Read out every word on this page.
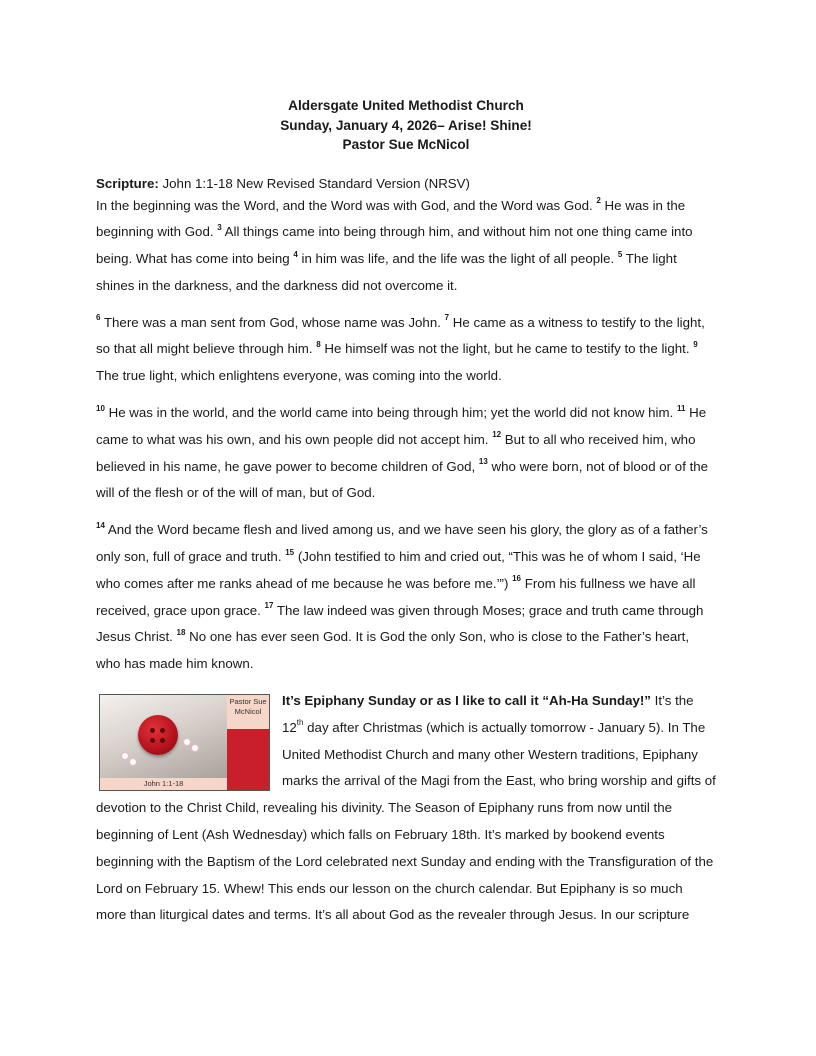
Aldersgate United Methodist Church
Sunday, January 4, 2026– Arise! Shine!
Pastor Sue McNicol

Scripture: John 1:1-18 New Revised Standard Version (NRSV)

In the beginning was the Word, and the Word was with God, and the Word was God. $^2$ He was in the beginning with God. $^3$ All things came into being through him, and without him not one thing came into being. What has come into being $^4$ in him was life, and the life was the light of all people. $^5$ The light shines in the darkness, and the darkness did not overcome it.

$^6$ There was a man sent from God, whose name was John. $^7$ He came as a witness to testify to the light, so that all might believe through him. $^8$ He himself was not the light, but he came to testify to the light. $^9$ The true light, which enlightens everyone, was coming into the world.

$^{10}$ He was in the world, and the world came into being through him; yet the world did not know him. $^{11}$ He came to what was his own, and his own people did not accept him. $^{12}$ But to all who received him, who believed in his name, he gave power to become children of God, $^{13}$ who were born, not of blood or of the will of the flesh or of the will of man, but of God.

$^{14}$ And the Word became flesh and lived among us, and we have seen his glory, the glory as of a father’s only son, full of grace and truth. $^{15}$ (John testified to him and cried out, “This was he of whom I said, ‘He who comes after me ranks ahead of me because he was before me.’”) $^{16}$ From his fullness we have all received, grace upon grace. $^{17}$ The law indeed was given through Moses; grace and truth came through Jesus Christ. $^{18}$ No one has ever seen God. It is God the only Son, who is close to the Father’s heart, who has made him known.

Pastor Sue McNicol
John 1:1-18

It’s Epiphany Sunday or as I like to call it “Ah-Ha Sunday!” It’s the 12th day after Christmas (which is actually tomorrow - January 5). In The United Methodist Church and many other Western traditions, Epiphany marks the arrival of the Magi from the East, who bring worship and gifts of devotion to the Christ Child, revealing his divinity. The Season of Epiphany runs from now until the beginning of Lent (Ash Wednesday) which falls on February 18th. It’s marked by bookend events beginning with the Baptism of the Lord celebrated next Sunday and ending with the Transfiguration of the Lord on February 15. Whew! This ends our lesson on the church calendar. But Epiphany is so much more than liturgical dates and terms. It’s all about God as the revealer through Jesus. In our scripture
